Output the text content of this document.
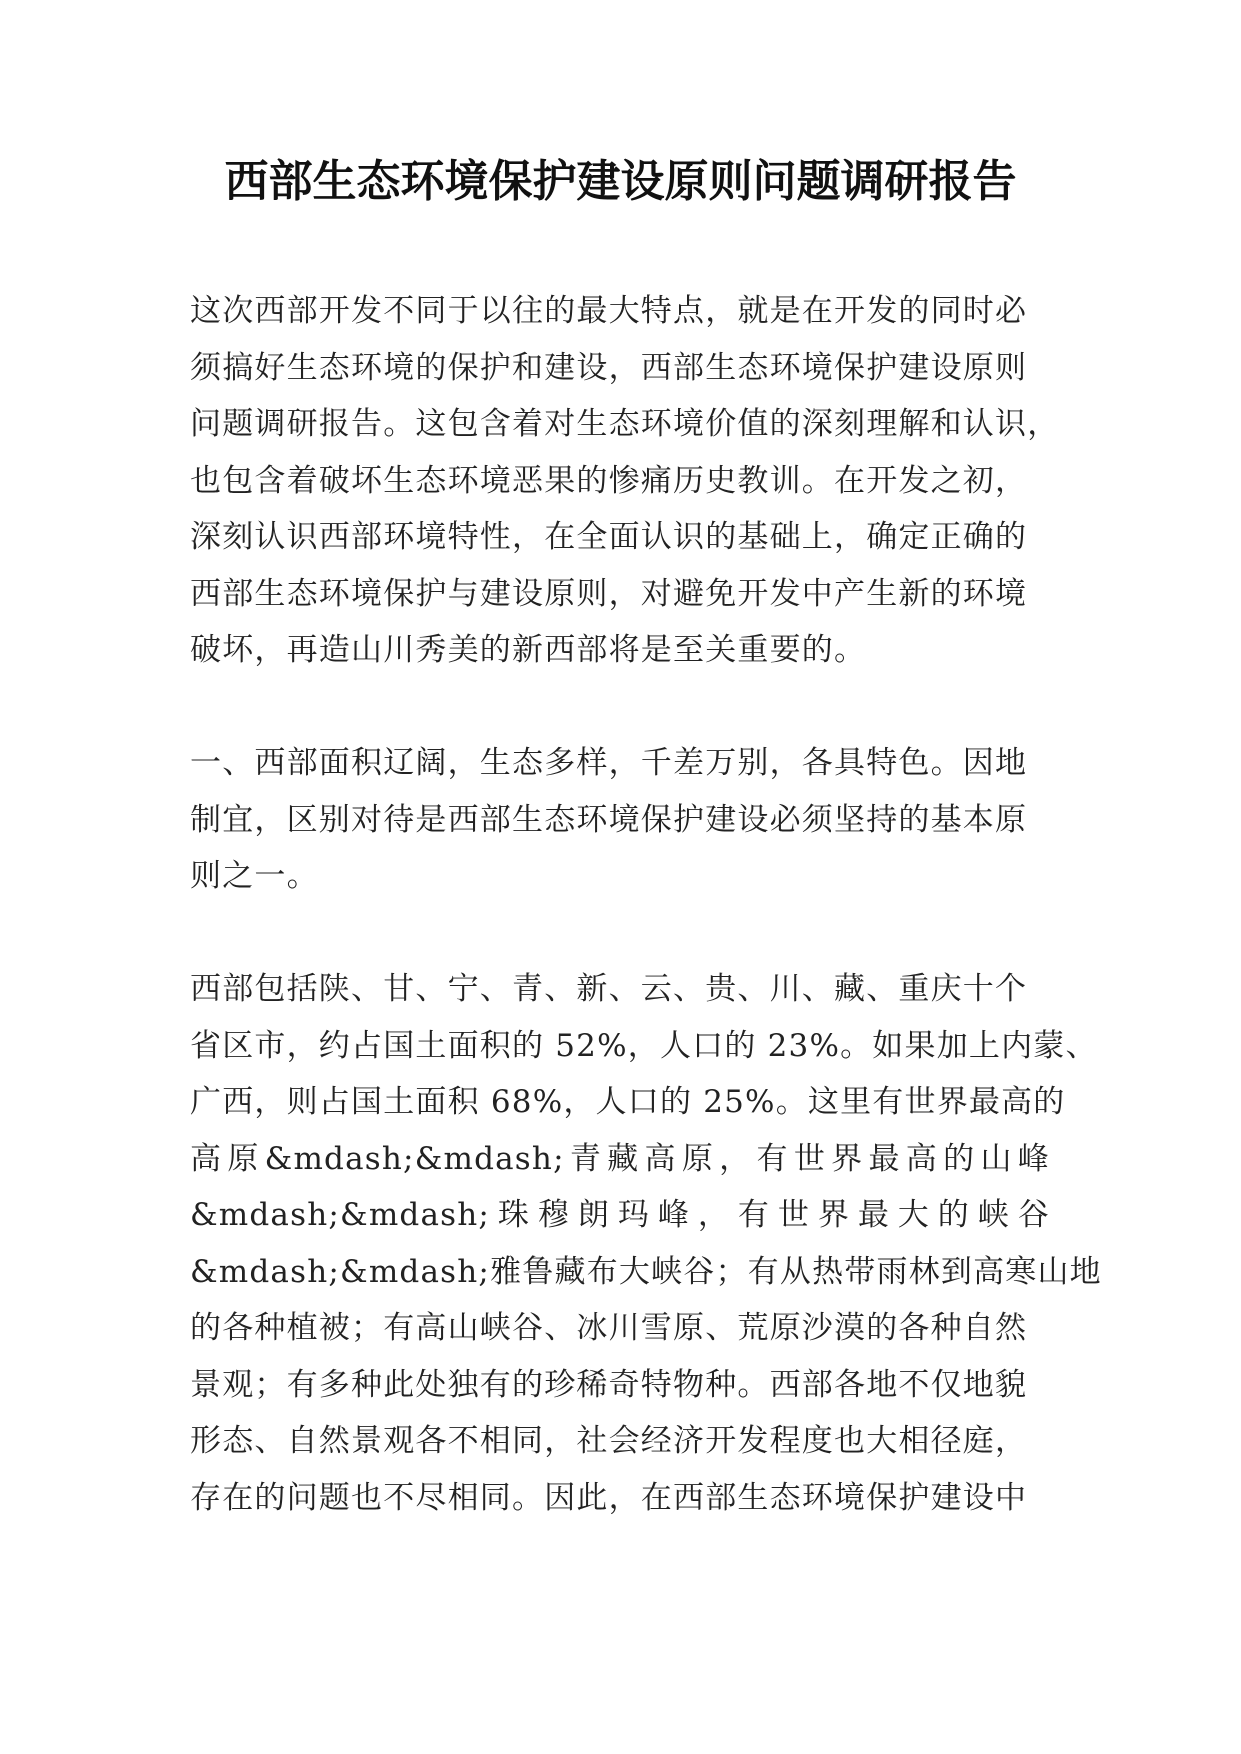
西部生态环境保护建设原则问题调研报告
这次西部开发不同于以往的最大特点，就是在开发的同时必
须搞好生态环境的保护和建设，西部生态环境保护建设原则
问题调研报告。这包含着对生态环境价值的深刻理解和认识，
也包含着破坏生态环境恶果的惨痛历史教训。在开发之初，
深刻认识西部环境特性，在全面认识的基础上，确定正确的
西部生态环境保护与建设原则，对避免开发中产生新的环境
破坏，再造山川秀美的新西部将是至关重要的。
一、西部面积辽阔，生态多样，千差万别，各具特色。因地
制宜，区别对待是西部生态环境保护建设必须坚持的基本原
则之一。
西部包括陕、甘、宁、青、新、云、贵、川、藏、重庆十个
省区市，约占国土面积的 52%，人口的 23%。如果加上内蒙、
广西，则占国土面积 68%，人口的 25%。这里有世界最高的
高原&mdash;&mdash;青藏高原，有世界最高的山峰
&mdash;&mdash;珠穆朗玛峰，有世界最大的峡谷
&mdash;&mdash;雅鲁藏布大峡谷；有从热带雨林到高寒山地
的各种植被；有高山峡谷、冰川雪原、荒原沙漠的各种自然
景观；有多种此处独有的珍稀奇特物种。西部各地不仅地貌
形态、自然景观各不相同，社会经济开发程度也大相径庭，
存在的问题也不尽相同。因此，在西部生态环境保护建设中
